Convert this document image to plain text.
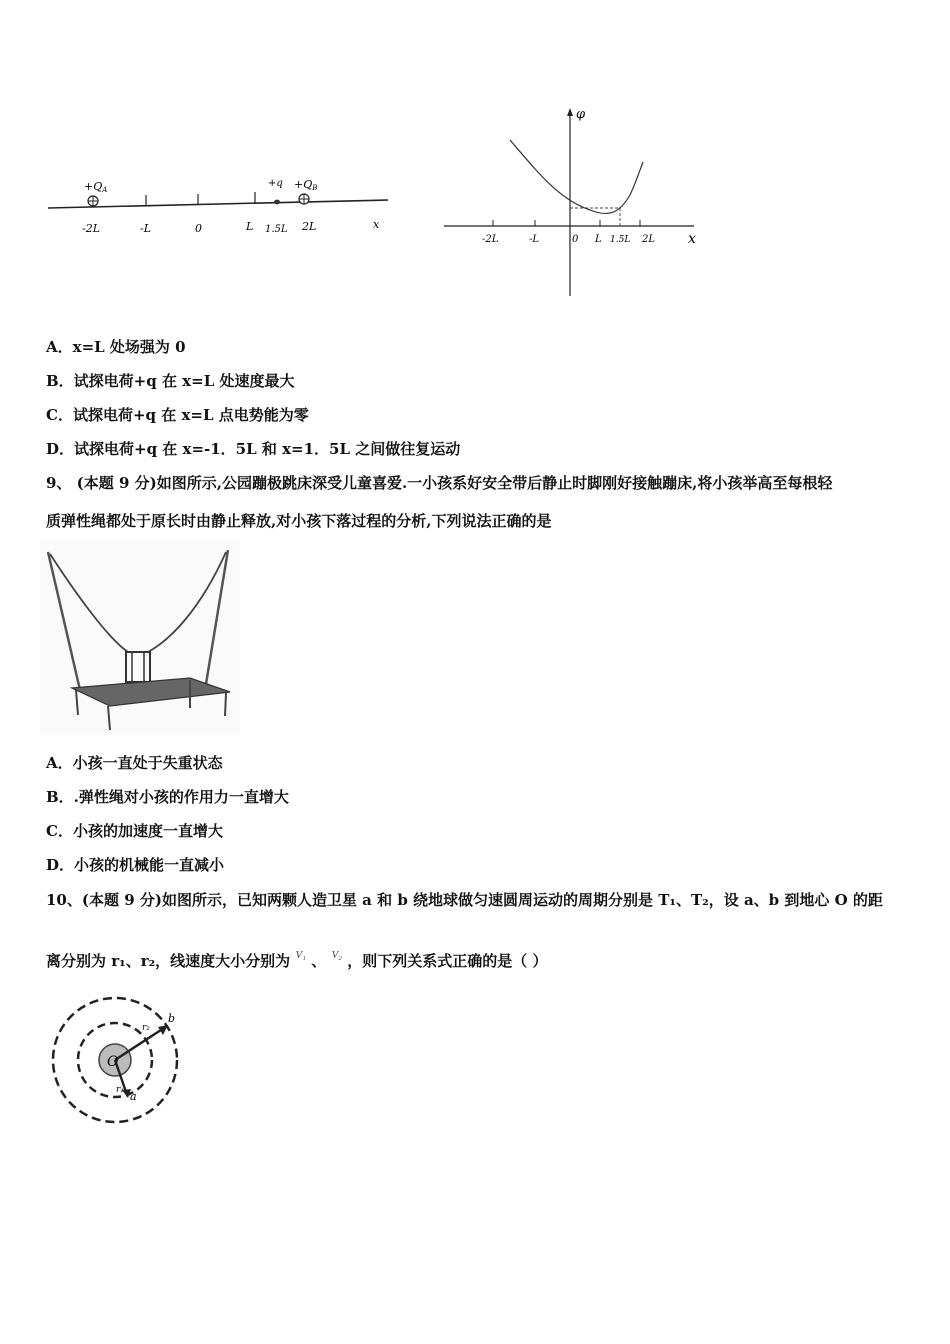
+QA	+QB
+q
-2L	-L	0	L 1.5L 2L	x
φ
-2L	-L	0 L 1.5L 2L x
A．x=L 处场强为 0
B．试探电荷+q 在 x=L 处速度最大
C．试探电荷+q 在 x=L 点电势能为零
D．试探电荷+q 在 x=-1．5L 和 x=1．5L 之间做往复运动
9、 (本题 9 分)如图所示,公园蹦极跳床深受儿童喜爱.一小孩系好安全带后静止时脚刚好接触蹦床,将小孩举高至每根轻
质弹性绳都处于原长时由静止释放,对小孩下落过程的分析,下列说法正确的是
A．小孩一直处于失重状态
B．.弹性绳对小孩的作用力一直增大
C．小孩的加速度一直增大
D．小孩的机械能一直减小
10、(本题 9 分)如图所示，已知两颗人造卫星 a 和 b 绕地球做匀速圆周运动的周期分别是 T₁、T₂，设 a、b 到地心 O 的距
离分别为 r₁、r₂，线速度大小分别为 $^{V_1}$ 、 $^{V_2}$ ，则下列关系式正确的是（ ）
O
b
a
r₂
r₁
